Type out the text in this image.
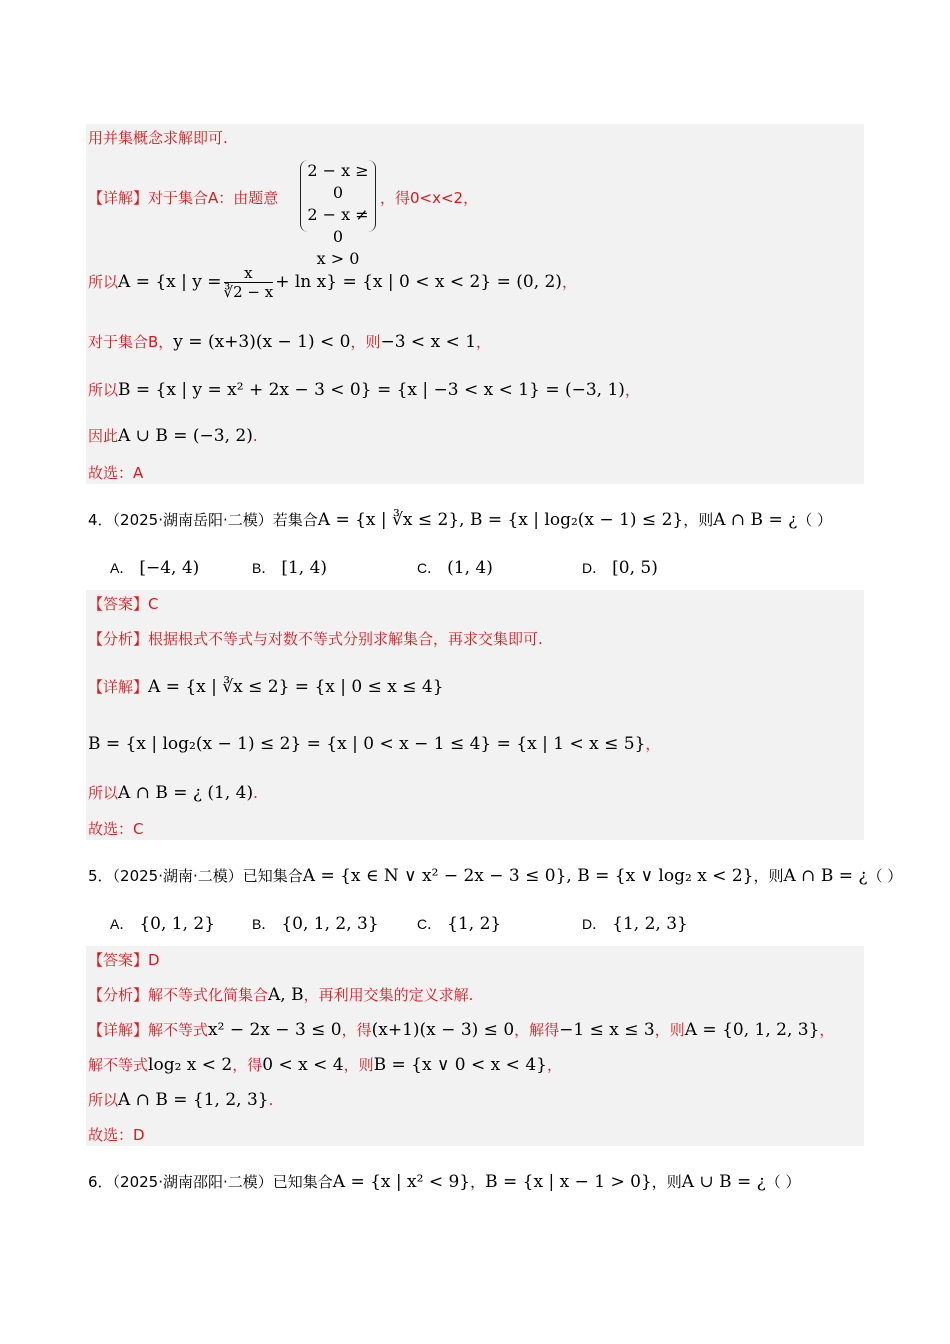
用并集概念求解即可.
【详解】对于集合A：由题意
2 − x ≥ 0
2 − x ≠ 0
x > 0
，得0<x<2，
所以A = {x | $y = \frac{x}{∛2 - x} + \ln x\} = \{x$ | 0 < x < 2} = (0, 2)，
对于集合B，y = (x+3)(x − 1) < 0，则−3 < x < 1，
所以B = {x | y = x² + 2x − 3 < 0} = {x | −3 < x < 1} = (−3, 1)，
因此A ∪ B = (−3, 2).
故选：A
4．（2025·湖南岳阳·二模）若集合A = {x | ∛x ≤ 2}, B = {x | log₂(x − 1) ≤ 2}，则A ∩ B = ¿（ ）
A． [−4, 4)	B． [1, 4)	C． (1, 4)	D． [0, 5)
【答案】C
【分析】根据根式不等式与对数不等式分别求解集合，再求交集即可.
【详解】A = {x | ∛x ≤ 2} = {x | 0 ≤ x ≤ 4}
B = {x | log₂(x − 1) ≤ 2} = {x | 0 < x − 1 ≤ 4} = {x | 1 < x ≤ 5}，
所以A ∩ B = ¿ (1, 4).
故选：C
5．（2025·湖南·二模）已知集合A = {x ∈ N ∨ x² − 2x − 3 ≤ 0}, B = {x ∨ log₂ x < 2}，则A ∩ B = ¿（ ）
A． {0, 1, 2}	B． {0, 1, 2, 3}	C． {1, 2}	D． {1, 2, 3}
【答案】D
【分析】解不等式化简集合A, B，再利用交集的定义求解.
【详解】解不等式x² − 2x − 3 ≤ 0，得(x+1)(x − 3) ≤ 0，解得−1 ≤ x ≤ 3，则A = {0, 1, 2, 3}，
解不等式log₂ x < 2，得0 < x < 4，则B = {x ∨ 0 < x < 4}，
所以A ∩ B = {1, 2, 3}.
故选：D
6．（2025·湖南邵阳·二模）已知集合A = {x | x² < 9}，B = {x | x − 1 > 0}，则A ∪ B = ¿（ ）
